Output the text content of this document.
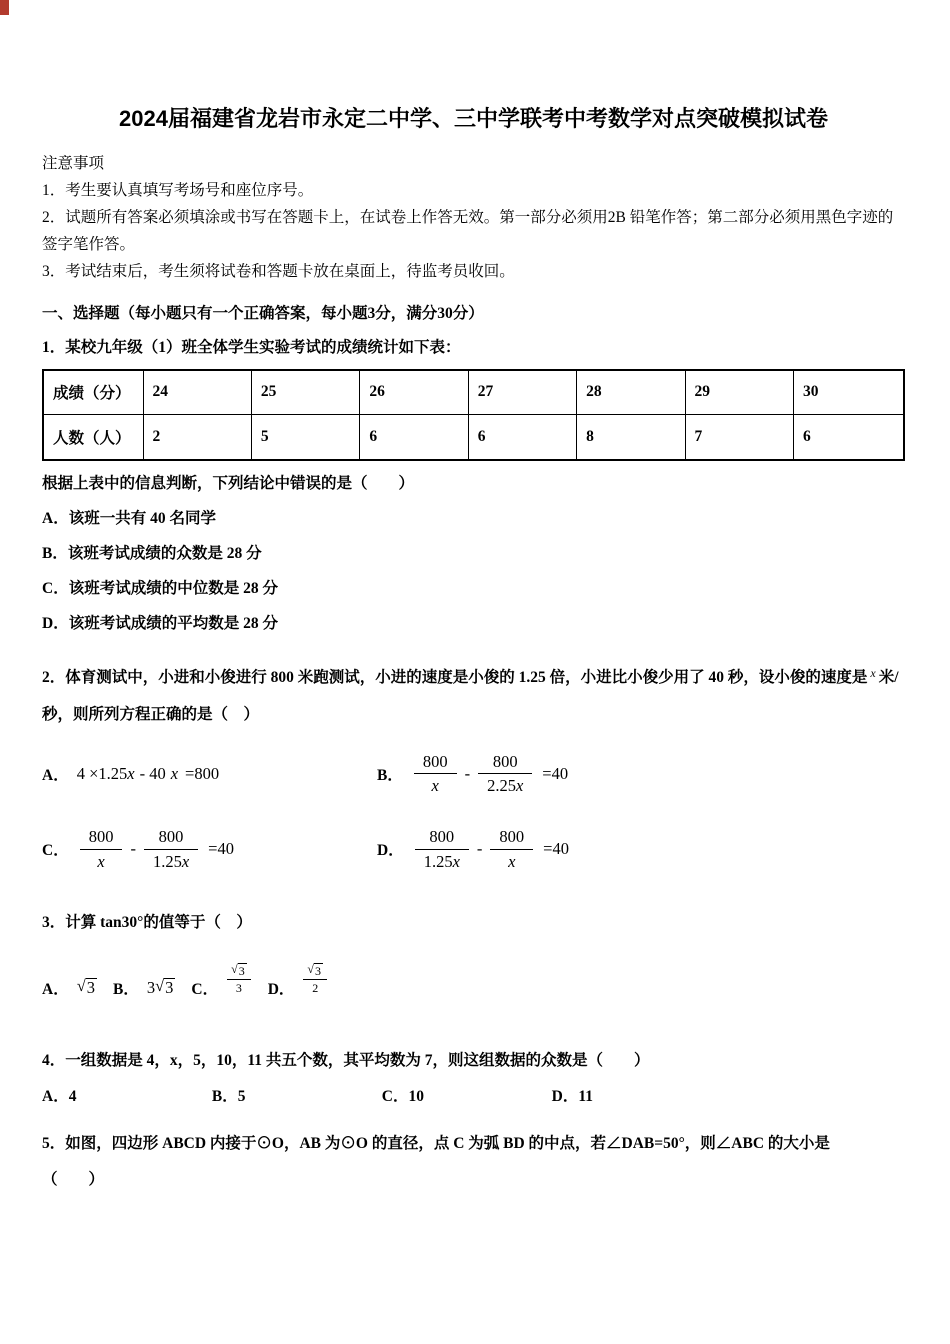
2024届福建省龙岩市永定二中学、三中学联考中考数学对点突破模拟试卷

注意事项

1．考生要认真填写考场号和座位序号。

2．试题所有答案必须填涂或书写在答题卡上，在试卷上作答无效。第一部分必须用2B 铅笔作答；第二部分必须用黑色字迹的签字笔作答。

3．考试结束后，考生须将试卷和答题卡放在桌面上，待监考员收回。

一、选择题（每小题只有一个正确答案，每小题3分，满分30分）

1．某校九年级（1）班全体学生实验考试的成绩统计如下表：

成绩（分）	24	25	26	27	28	29	30
人数（人）	2	5	6	6	8	7	6

根据上表中的信息判断，下列结论中错误的是（　　）

A．该班一共有 40 名同学

B．该班考试成绩的众数是 28 分

C．该班考试成绩的中位数是 28 分

D．该班考试成绩的平均数是 28 分

2．体育测试中，小进和小俊进行 800 米跑测试，小进的速度是小俊的 1.25 倍，小进比小俊少用了 40 秒，设小俊的速度是 $^x$ 米/秒，则所列方程正确的是（　）

A． 4 ×1.25 x - 40 x =800	B． $\frac{800}{x} - \frac{800}{2.25x} =40$
C． $\frac{800}{x} - \frac{800}{1.25x} =40$	D． $\frac{800}{1.25x} - \frac{800}{x} =40$

3．计算 tan30°的值等于（　）

A． √ 3 B． 3 √ 3 C． $\frac{√ 3}{3}$ D． $\frac{√ 3}{2}$

4．一组数据是 4，x，5，10，11 共五个数，其平均数为 7，则这组数据的众数是（　　）

A．4	B．5	C．10	D．11

5．如图，四边形 ABCD 内接于⊙O，AB 为⊙O 的直径，点 C 为弧 BD 的中点，若∠DAB=50°，则∠ABC 的大小是
（　　）
